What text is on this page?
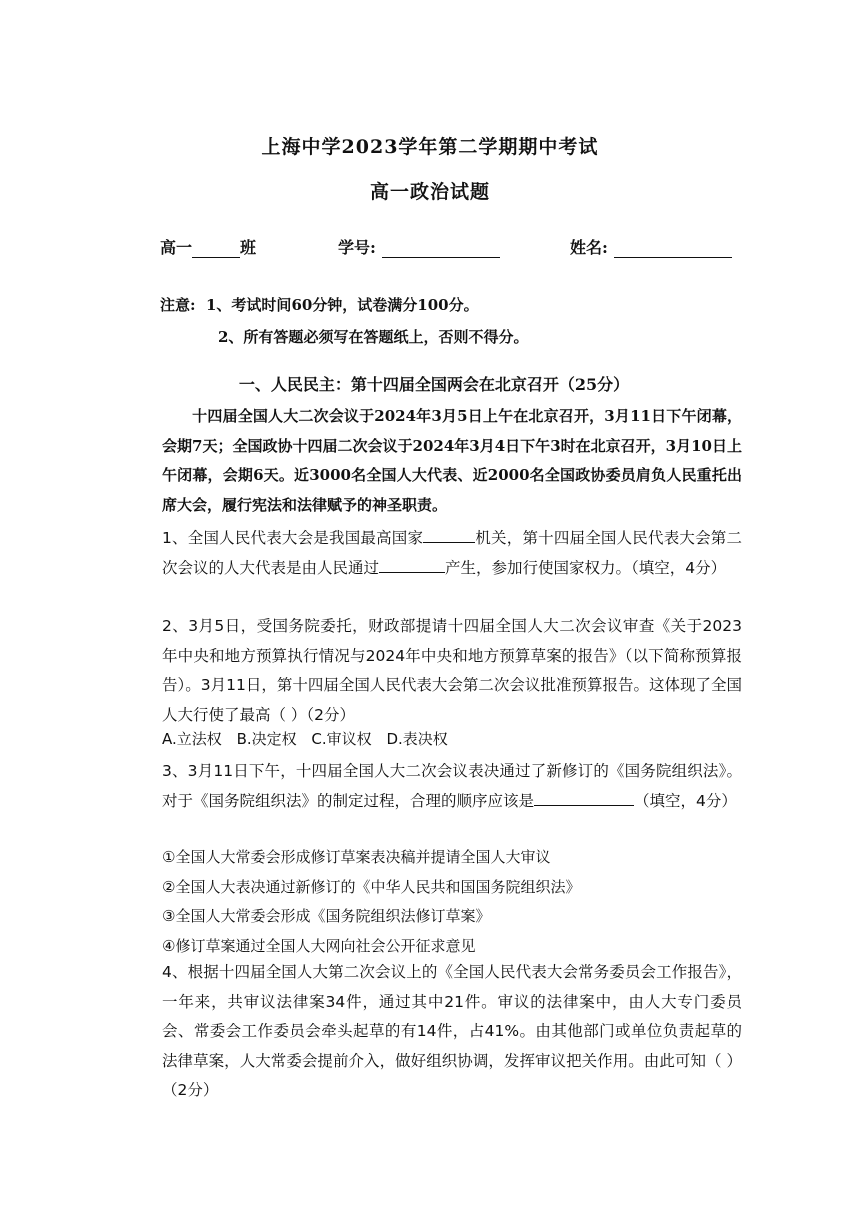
上海中学2023学年第二学期期中考试
高一政治试题
高一	班	学号:	姓名:
注意: 1、考试时间60分钟，试卷满分100分。
2、所有答题必须写在答题纸上，否则不得分。
一、人民民主：第十四届全国两会在北京召开（25分）
十四届全国人大二次会议于2024年3月5日上午在北京召开，3月11日下午闭幕，会期7天；全国政协十四届二次会议于2024年3月4日下午3时在北京召开，3月10日上午闭幕，会期6天。近3000名全国人大代表、近2000名全国政协委员肩负人民重托出席大会，履行宪法和法律赋予的神圣职责。
1、全国人民代表大会是我国最高国家	机关，第十四届全国人民代表大会第二次会议的人大代表是由人民通过	产生，参加行使国家权力。（填空，4分）
2、3月5日，受国务院委托，财政部提请十四届全国人大二次会议审查《关于2023年中央和地方预算执行情况与2024年中央和地方预算草案的报告》（以下简称预算报告）。3月11日，第十四届全国人民代表大会第二次会议批准预算报告。这体现了全国人大行使了最高（ ）（2分）
A.立法权 B.决定权 C.审议权 D.表决权
3、3月11日下午，十四届全国人大二次会议表决通过了新修订的《国务院组织法》。对于《国务院组织法》的制定过程，合理的顺序应该是	（填空，4分）
①全国人大常委会形成修订草案表决稿并提请全国人大审议
②全国人大表决通过新修订的《中华人民共和国国务院组织法》
③全国人大常委会形成《国务院组织法修订草案》
④修订草案通过全国人大网向社会公开征求意见
4、根据十四届全国人大第二次会议上的《全国人民代表大会常务委员会工作报告》，一年来，共审议法律案34件，通过其中21件。审议的法律案中，由人大专门委员会、常委会工作委员会牵头起草的有14件，占41%。由其他部门或单位负责起草的法律草案，人大常委会提前介入，做好组织协调，发挥审议把关作用。由此可知（ ）（2分）
